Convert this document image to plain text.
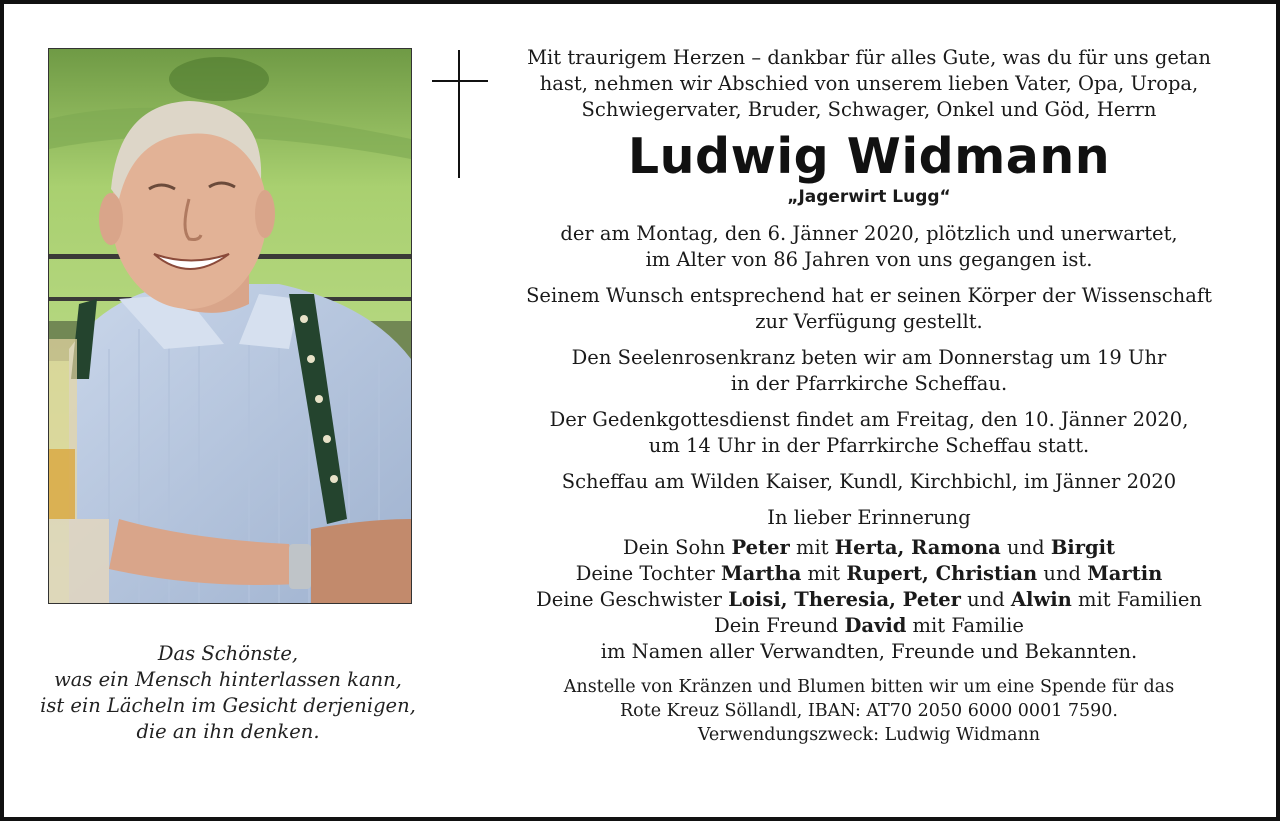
Das Schönste,
was ein Mensch hinterlassen kann,
ist ein Lächeln im Gesicht derjenigen,
die an ihn denken.
Mit traurigem Herzen – dankbar für alles Gute, was du für uns getan
hast, nehmen wir Abschied von unserem lieben Vater, Opa, Uropa,
Schwiegervater, Bruder, Schwager, Onkel und Göd, Herrn
Ludwig Widmann
„Jagerwirt Lugg“
der am Montag, den 6. Jänner 2020, plötzlich und unerwartet,
im Alter von 86 Jahren von uns gegangen ist.
Seinem Wunsch entsprechend hat er seinen Körper der Wissenschaft
zur Verfügung gestellt.
Den Seelenrosenkranz beten wir am Donnerstag um 19 Uhr
in der Pfarrkirche Scheffau.
Der Gedenkgottesdienst findet am Freitag, den 10. Jänner 2020,
um 14 Uhr in der Pfarrkirche Scheffau statt.
Scheffau am Wilden Kaiser, Kundl, Kirchbichl, im Jänner 2020
In lieber Erinnerung
Dein Sohn Peter mit Herta, Ramona und Birgit
Deine Tochter Martha mit Rupert, Christian und Martin
Deine Geschwister Loisi, Theresia, Peter und Alwin mit Familien
Dein Freund David mit Familie
im Namen aller Verwandten, Freunde und Bekannten.
Anstelle von Kränzen und Blumen bitten wir um eine Spende für das
Rote Kreuz Söllandl, IBAN: AT70 2050 6000 0001 7590.
Verwendungszweck: Ludwig Widmann
